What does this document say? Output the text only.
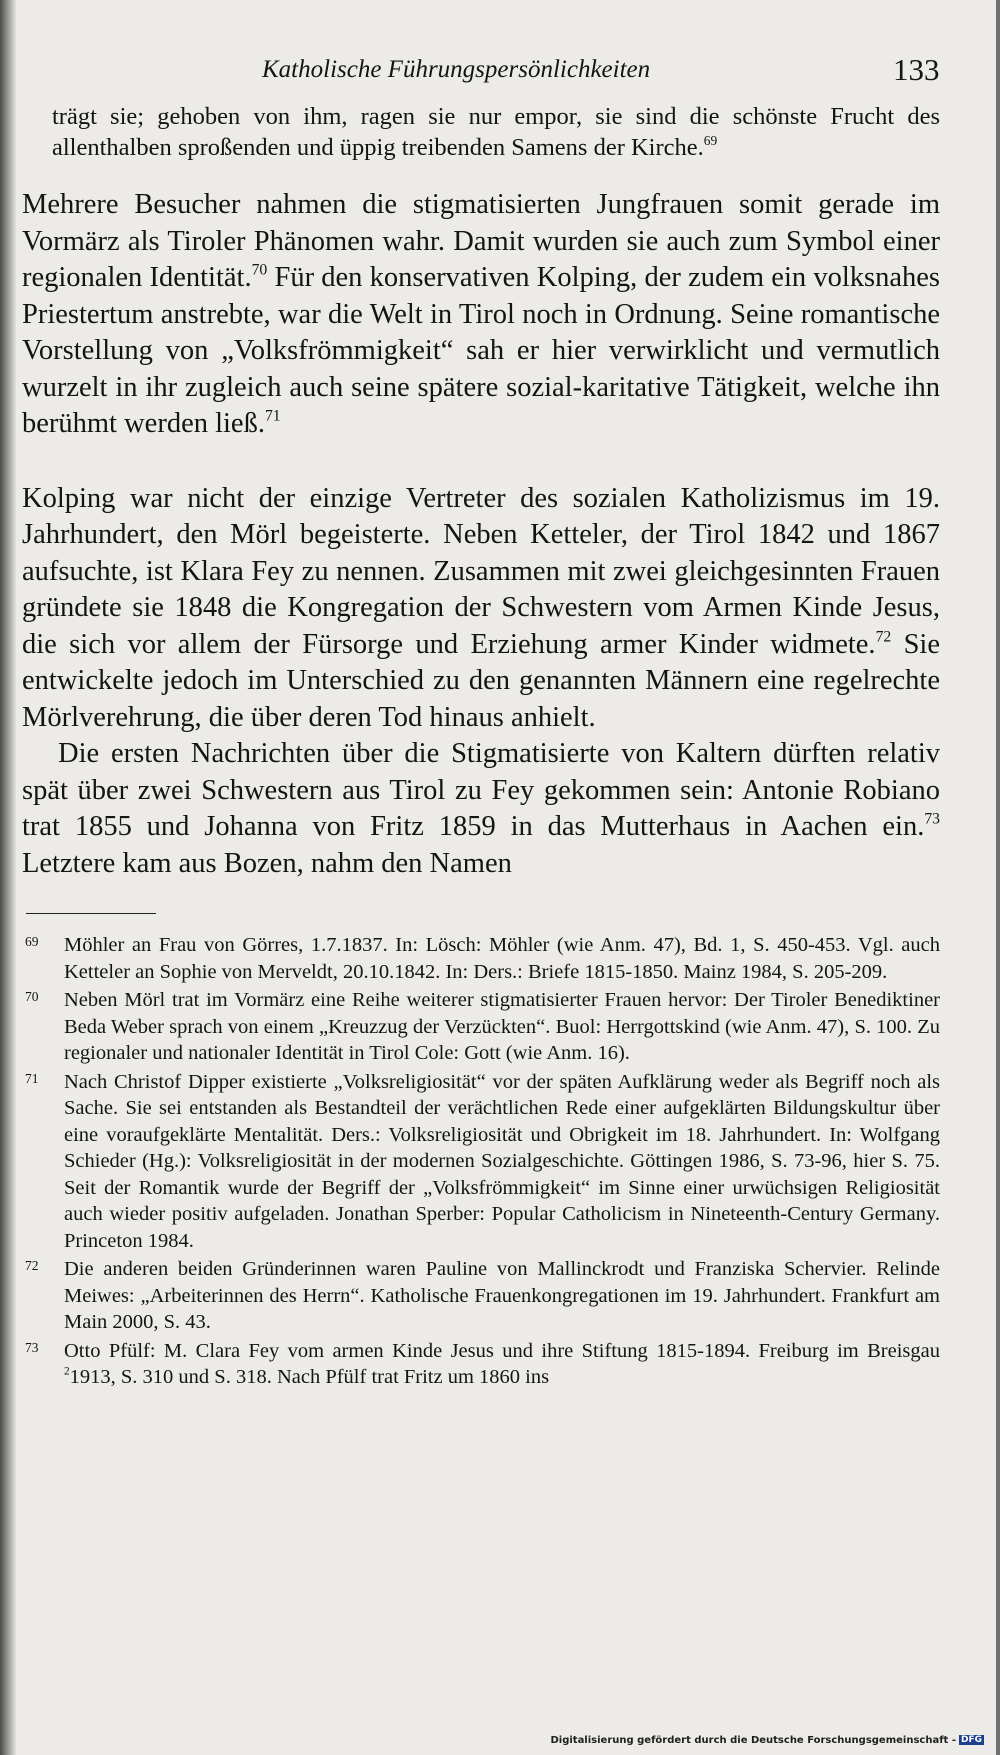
Katholische Führungspersönlichkeiten	133

trägt sie; gehoben von ihm, ragen sie nur empor, sie sind die schönste Frucht des allenthalben sproßenden und üppig treibenden Samens der Kirche.$^{69}$

Mehrere Besucher nahmen die stigmatisierten Jungfrauen somit gerade im Vormärz als Tiroler Phänomen wahr. Damit wurden sie auch zum Symbol einer regionalen Identität.$^{70}$ Für den konservativen Kolping, der zudem ein volksnahes Priestertum anstrebte, war die Welt in Tirol noch in Ordnung. Seine romantische Vorstellung von „Volksfrömmigkeit“ sah er hier verwirklicht und vermutlich wurzelt in ihr zugleich auch seine spätere sozial-karitative Tätigkeit, welche ihn berühmt werden ließ.$^{71}$

Kolping war nicht der einzige Vertreter des sozialen Katholizismus im 19. Jahrhundert, den Mörl begeisterte. Neben Ketteler, der Tirol 1842 und 1867 aufsuchte, ist Klara Fey zu nennen. Zusammen mit zwei gleichgesinnten Frauen gründete sie 1848 die Kongregation der Schwestern vom Armen Kinde Jesus, die sich vor allem der Fürsorge und Erziehung armer Kinder widmete.$^{72}$ Sie entwickelte jedoch im Unterschied zu den genannten Männern eine regelrechte Mörlverehrung, die über deren Tod hinaus anhielt.

Die ersten Nachrichten über die Stigmatisierte von Kaltern dürften relativ spät über zwei Schwestern aus Tirol zu Fey gekommen sein: Antonie Robiano trat 1855 und Johanna von Fritz 1859 in das Mutterhaus in Aachen ein.$^{73}$ Letztere kam aus Bozen, nahm den Namen

69 Möhler an Frau von Görres, 1.7.1837. In: Lösch: Möhler (wie Anm. 47), Bd. 1, S. 450-453. Vgl. auch Ketteler an Sophie von Merveldt, 20.10.1842. In: Ders.: Briefe 1815-1850. Mainz 1984, S. 205-209.

70 Neben Mörl trat im Vormärz eine Reihe weiterer stigmatisierter Frauen hervor: Der Tiroler Benediktiner Beda Weber sprach von einem „Kreuzzug der Verzückten“. Buol: Herrgottskind (wie Anm. 47), S. 100. Zu regionaler und nationaler Identität in Tirol Cole: Gott (wie Anm. 16).

71 Nach Christof Dipper existierte „Volksreligiosität“ vor der späten Aufklärung weder als Begriff noch als Sache. Sie sei entstanden als Bestandteil der verächtlichen Rede einer aufgeklärten Bildungskultur über eine voraufgeklärte Mentalität. Ders.: Volksreligiosität und Obrigkeit im 18. Jahrhundert. In: Wolfgang Schieder (Hg.): Volksreligiosität in der modernen Sozialgeschichte. Göttingen 1986, S. 73-96, hier S. 75. Seit der Romantik wurde der Begriff der „Volksfrömmigkeit“ im Sinne einer urwüchsigen Religiosität auch wieder positiv aufgeladen. Jonathan Sperber: Popular Catholicism in Nineteenth-Century Germany. Princeton 1984.

72 Die anderen beiden Gründerinnen waren Pauline von Mallinckrodt und Franziska Schervier. Relinde Meiwes: „Arbeiterinnen des Herrn“. Katholische Frauenkongregationen im 19. Jahrhundert. Frankfurt am Main 2000, S. 43.

73 Otto Pfülf: M. Clara Fey vom armen Kinde Jesus und ihre Stiftung 1815-1894. Freiburg im Breisgau $^2$1913, S. 310 und S. 318. Nach Pfülf trat Fritz um 1860 ins

Digitalisierung gefördert durch die Deutsche Forschungsgemeinschaft - DFG
